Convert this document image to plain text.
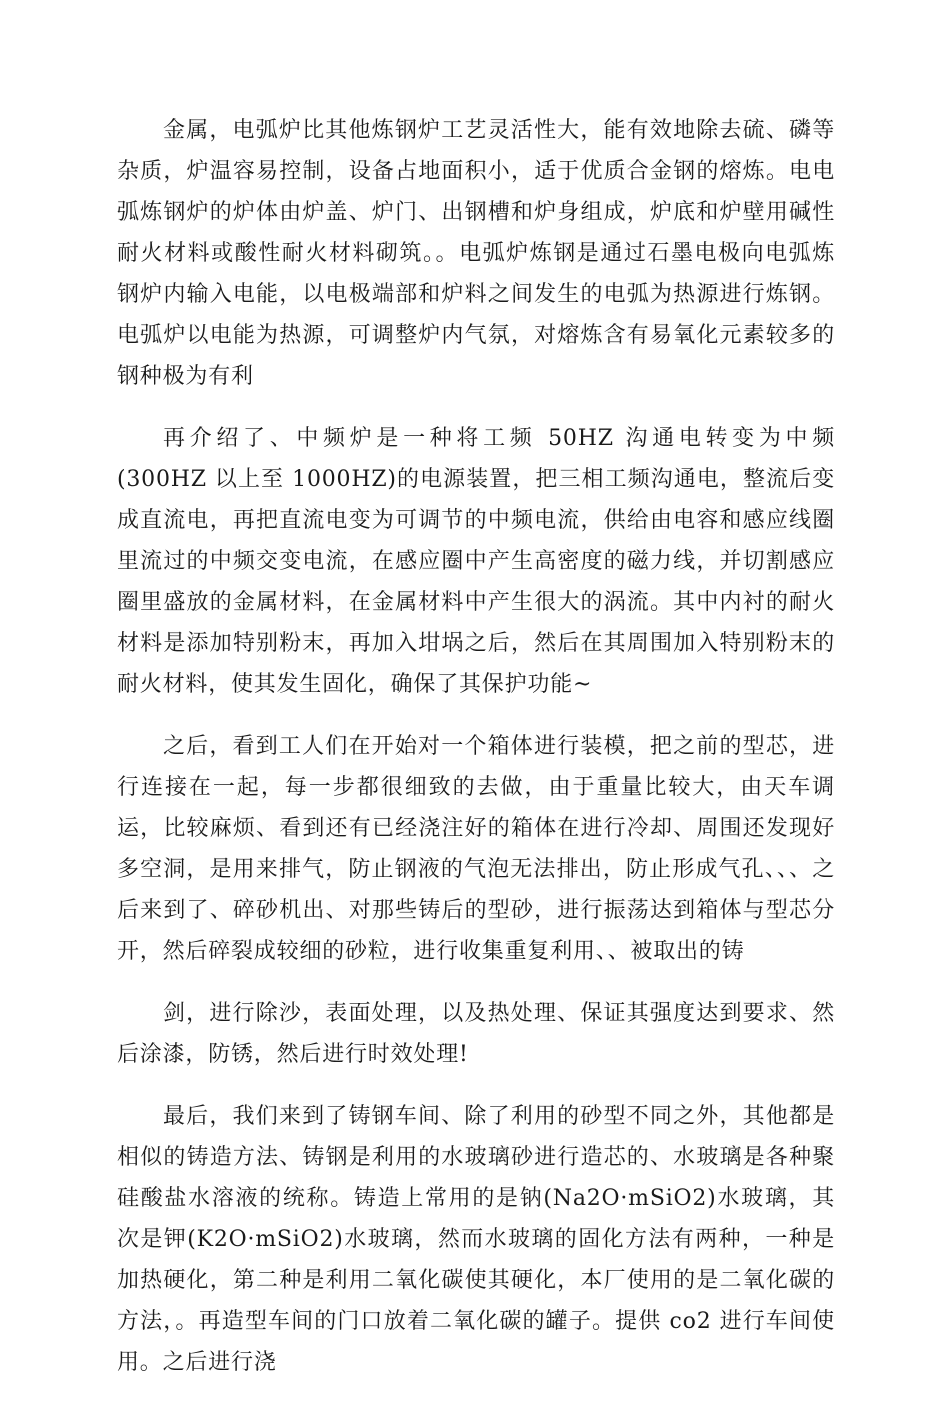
金属，电弧炉比其他炼钢炉工艺灵活性大，能有效地除去硫、磷等杂质，炉温容易控制，设备占地面积小，适于优质合金钢的熔炼。电电弧炼钢炉的炉体由炉盖、炉门、出钢槽和炉身组成，炉底和炉壁用碱性耐火材料或酸性耐火材料砌筑。。电弧炉炼钢是通过石墨电极向电弧炼钢炉内输入电能，以电极端部和炉料之间发生的电弧为热源进行炼钢。电弧炉以电能为热源，可调整炉内气氛，对熔炼含有易氧化元素较多的钢种极为有利

再介绍了、中频炉是一种将工频 50HZ 沟通电转变为中频(300HZ 以上至 1000HZ)的电源装置，把三相工频沟通电，整流后变成直流电，再把直流电变为可调节的中频电流，供给由电容和感应线圈里流过的中频交变电流，在感应圈中产生高密度的磁力线，并切割感应圈里盛放的金属材料，在金属材料中产生很大的涡流。其中内衬的耐火材料是添加特别粉末，再加入坩埚之后，然后在其周围加入特别粉末的耐火材料，使其发生固化，确保了其保护功能~

之后，看到工人们在开始对一个箱体进行装模，把之前的型芯，进行连接在一起，每一步都很细致的去做，由于重量比较大，由天车调运，比较麻烦、看到还有已经浇注好的箱体在进行冷却、周围还发现好多空洞，是用来排气，防止钢液的气泡无法排出，防止形成气孔、、、之后来到了、碎砂机出、对那些铸后的型砂，进行振荡达到箱体与型芯分开，然后碎裂成较细的砂粒，进行收集重复利用、、被取出的铸

剑，进行除沙，表面处理，以及热处理、保证其强度达到要求、然后涂漆，防锈，然后进行时效处理!

最后，我们来到了铸钢车间、除了利用的砂型不同之外，其他都是相似的铸造方法、铸钢是利用的水玻璃砂进行造芯的、水玻璃是各种聚硅酸盐水溶液的统称。铸造上常用的是钠(Na2O·mSiO2)水玻璃，其次是钾(K2O·mSiO2)水玻璃，然而水玻璃的固化方法有两种，一种是加热硬化，第二种是利用二氧化碳使其硬化，本厂使用的是二氧化碳的方法，。再造型车间的门口放着二氧化碳的罐子。提供 co2 进行车间使用。之后进行浇
